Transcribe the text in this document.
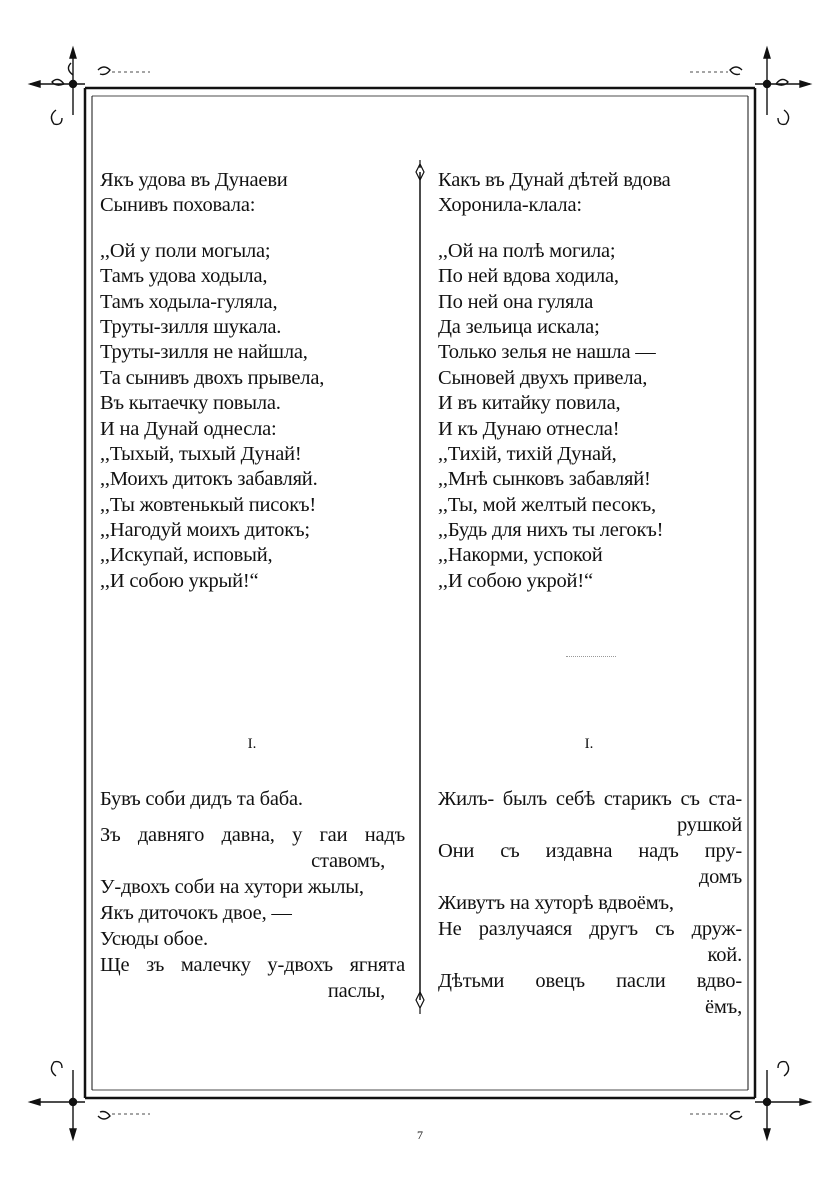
Якъ удова въ Дунаеви
Сынивъ поховала:
,,Ой у поли могыла;
Тамъ удова ходыла,
Тамъ ходыла-гуляла,
Труты-зилля шукала.
Труты-зилля не найшла,
Та сынивъ двохъ прывела,
Въ кытаечку повыла.
И на Дунай однесла:
,,Тыхый, тыхый Дунай!
,,Моихъ дитокъ забавляй.
,,Ты жовтенькый писокъ!
,,Нагодуй моихъ дитокъ;
,,Искупай, исповый,
,,И собою укрый!“
Какъ въ Дунай дѣтей вдова
Хоронила-клала:
,,Ой на полѣ могила;
По ней вдова ходила,
По ней она гуляла
Да зельица искала;
Только зелья не нашла —
Сыновей двухъ привела,
И въ китайку повила,
И къ Дунаю отнесла!
,,Тихій, тихій Дунай,
,,Мнѣ сынковъ забавляй!
,,Ты, мой желтый песокъ,
,,Будь для нихъ ты легокъ!
,,Накорми, успокой
,,И собою укрой!“
I.	I.
Бувъ соби дидъ та баба.
Зъ давняго давна, у гаи надъ
ставомъ,
У-двохъ соби на хутори жылы,
Якъ диточокъ двое, —
Усюды обое.
Ще зъ малечку у-двохъ ягнята
паслы,
Жилъ- былъ себѣ старикъ съ ста-
рушкой
Они съ издавна надъ пру-
домъ
Живутъ на хуторѣ вдвоёмъ,
Не разлучаяся другъ съ друж-
кой.
Дѣтьми овецъ пасли вдво-
ёмъ,
7
